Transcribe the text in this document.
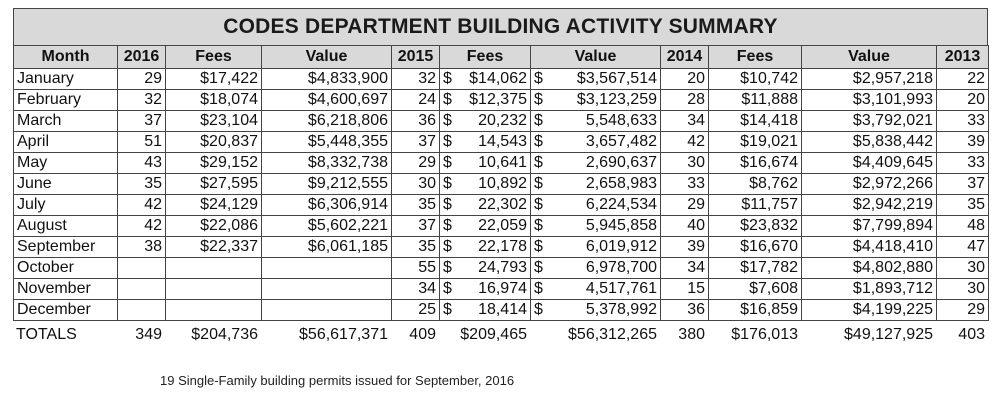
CODES DEPARTMENT BUILDING ACTIVITY SUMMARY
Month	2016	Fees	Value	2015	Fees	Value	2014	Fees	Value	2013
January	29	$17,422	$4,833,900	32	$ $14,062	$ $3,567,514	20	$10,742	$2,957,218	22
February	32	$18,074	$4,600,697	24	$ $12,375	$ $3,123,259	28	$11,888	$3,101,993	20
March	37	$23,104	$6,218,806	36	$ 20,232	$ 5,548,633	34	$14,418	$3,792,021	33
April	51	$20,837	$5,448,355	37	$ 14,543	$ 3,657,482	42	$19,021	$5,838,442	39
May	43	$29,152	$8,332,738	29	$ 10,641	$ 2,690,637	30	$16,674	$4,409,645	33
June	35	$27,595	$9,212,555	30	$ 10,892	$ 2,658,983	33	$8,762	$2,972,266	37
July	42	$24,129	$6,306,914	35	$ 22,302	$ 6,224,534	29	$11,757	$2,942,219	35
August	42	$22,086	$5,602,221	37	$ 22,059	$ 5,945,858	40	$23,832	$7,799,894	48
September	38	$22,337	$6,061,185	35	$ 22,178	$ 6,019,912	39	$16,670	$4,418,410	47
October				55	$ 24,793	$ 6,978,700	34	$17,782	$4,802,880	30
November				34	$ 16,974	$ 4,517,761	15	$7,608	$1,893,712	30
December				25	$ 18,414	$ 5,378,992	36	$16,859	$4,199,225	29
TOTALS	349	$204,736	$56,617,371	409	$209,465	$56,312,265	380	$176,013	$49,127,925	403
19 Single-Family building permits issued for September, 2016
